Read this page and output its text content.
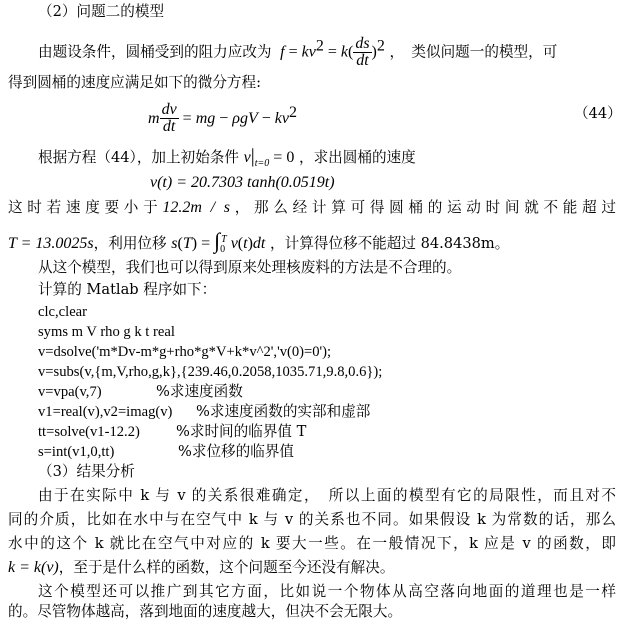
（2）问题二的模型
由题设条件，圆桶受到的阻力应改为  $f = kv^2 = k( \frac{ds}{dt} )^2$ ，　类似问题一的模型，可
得到圆桶的速度应满足如下的微分方程:
m $\frac{dv}{dt}$ = mg − $\rho gV - kv^2$	（44）
根据方程（44），加上初始条件 $v|_{t=0} = 0$ ，求出圆桶的速度
v(t) = 20.7303 tanh(0.0519t)
这时若速度要小于12.2m / s，那么经计算可得圆桶的运动时间就不能超过
T = 13.0025s，利用位移 $s(T) = \int_0^T$ v(t)dt ，计算得位移不能超过 84.8438m。
从这个模型，我们也可以得到原来处理核废料的方法是不合理的。
计算的 Matlab 程序如下：
clc,clear
syms m V rho g k t real
v=dsolve('m*Dv-m*g+rho*g*V+k*v^2','v(0)=0');
v=subs(v,{m,V,rho,g,k},{239.46,0.2058,1035.71,9.8,0.6});
v=vpa(v,7)	%求速度函数
v1=real(v),v2=imag(v) %求速度函数的实部和虚部
tt=solve(v1-12.2) %求时间的临界值 T
s=int(v1,0,tt)	%求位移的临界值
（3）结果分析
由于在实际中 k 与 v 的关系很难确定，　所以上面的模型有它的局限性，而且对不
同的介质，比如在水中与在空气中 k 与 v 的关系也不同。如果假设 k 为常数的话，那么
水中的这个 k 就比在空气中对应的 k 要大一些。在一般情况下，k 应是 v 的函数，即
k = k(v)，至于是什么样的函数，这个问题至今还没有解决。
这个模型还可以推广到其它方面，比如说一个物体从高空落向地面的道理也是一样
的。尽管物体越高，落到地面的速度越大，但决不会无限大。
